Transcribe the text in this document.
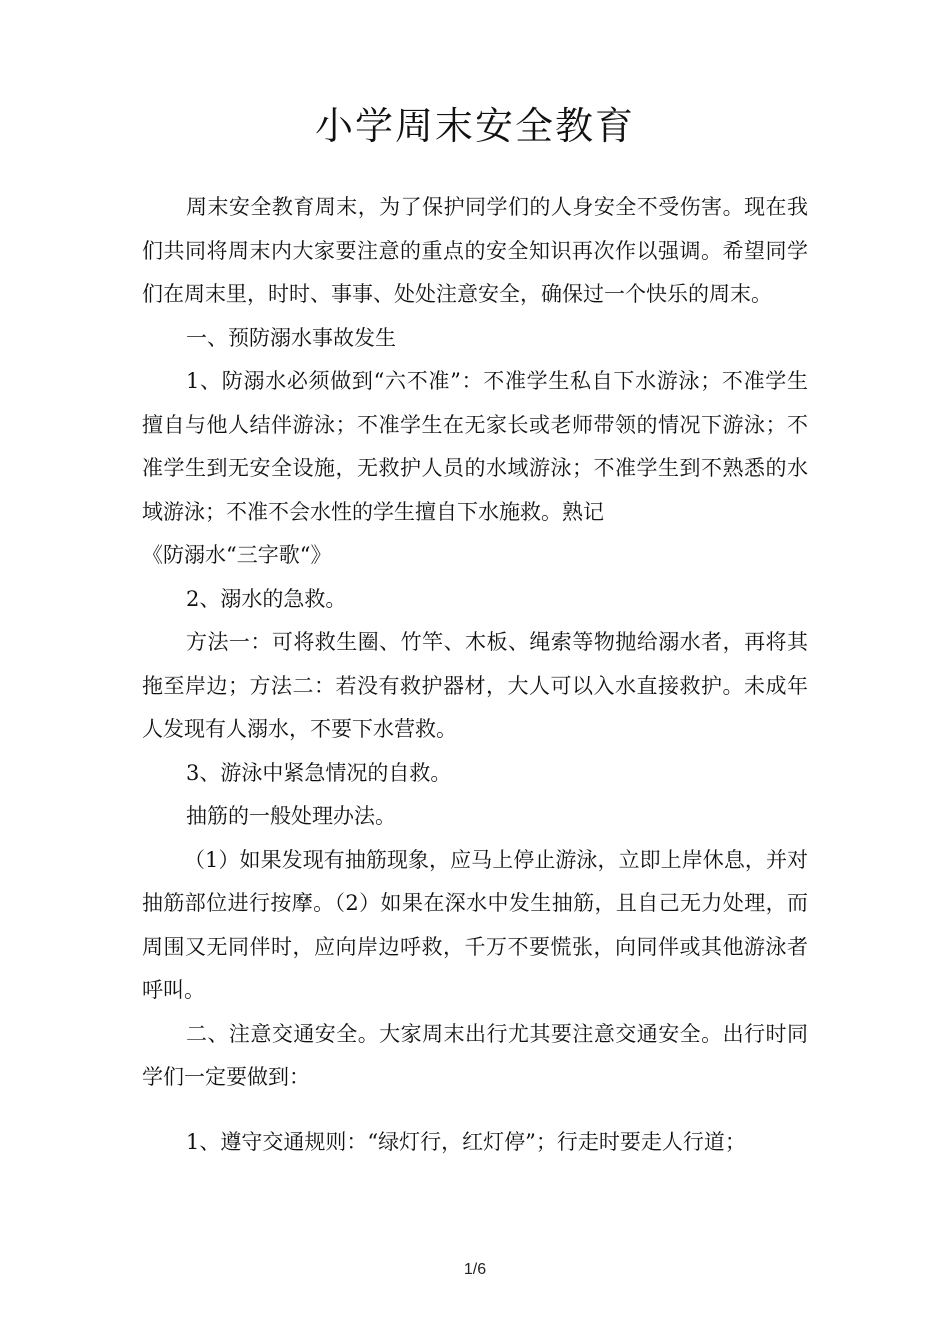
小学周末安全教育

周末安全教育周末，为了保护同学们的人身安全不受伤害。现在我们共同将周末内大家要注意的重点的安全知识再次作以强调。希望同学们在周末里，时时、事事、处处注意安全，确保过一个快乐的周末。

一、预防溺水事故发生

1、防溺水必须做到“六不准”：不准学生私自下水游泳；不准学生擅自与他人结伴游泳；不准学生在无家长或老师带领的情况下游泳；不准学生到无安全设施，无救护人员的水域游泳；不准学生到不熟悉的水域游泳；不准不会水性的学生擅自下水施救。熟记

《防溺水“三字歌“》

2、溺水的急救。

方法一：可将救生圈、竹竿、木板、绳索等物抛给溺水者，再将其拖至岸边；方法二：若没有救护器材，大人可以入水直接救护。未成年人发现有人溺水，不要下水营救。

3、游泳中紧急情况的自救。

抽筋的一般处理办法。

（1）如果发现有抽筋现象，应马上停止游泳，立即上岸休息，并对抽筋部位进行按摩。（2）如果在深水中发生抽筋，且自己无力处理，而周围又无同伴时，应向岸边呼救，千万不要慌张，向同伴或其他游泳者呼叫。

二、注意交通安全。大家周末出行尤其要注意交通安全。出行时同学们一定要做到：

1、遵守交通规则：“绿灯行，红灯停”；行走时要走人行道；

1/6
